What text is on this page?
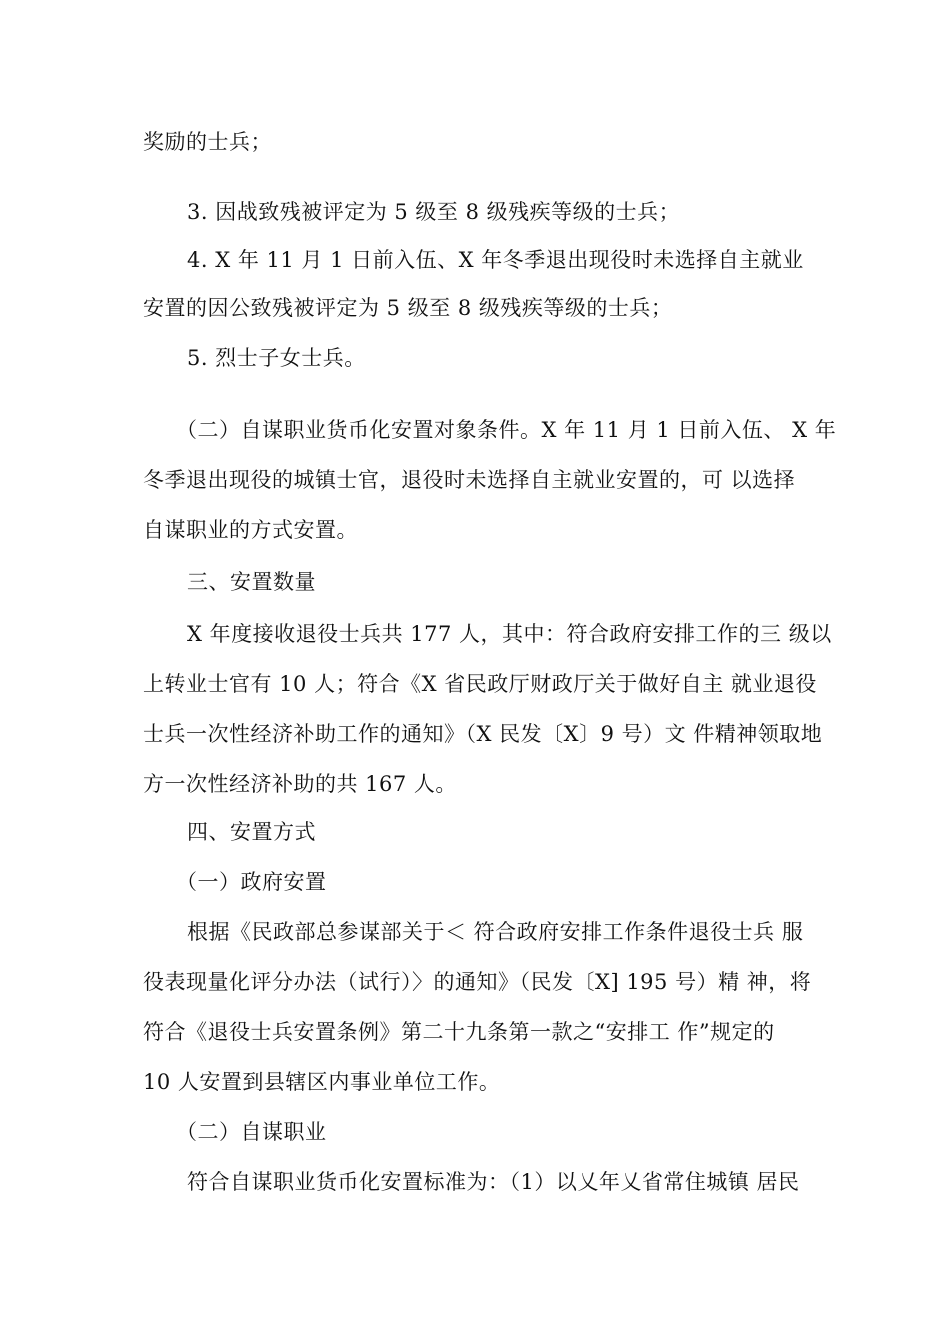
奖励的士兵；
3. 因战致残被评定为 5 级至 8 级残疾等级的士兵；
4. X 年 11 月 1 日前入伍、X 年冬季退出现役时未选择自主就业
安置的因公致残被评定为 5 级至 8 级残疾等级的士兵；
5. 烈士子女士兵。
（二）自谋职业货币化安置对象条件。X 年 11 月 1 日前入伍、 X 年
冬季退出现役的城镇士官，退役时未选择自主就业安置的，可 以选择
自谋职业的方式安置。
三、安置数量
X 年度接收退役士兵共 177 人，其中：符合政府安排工作的三 级以
上转业士官有 10 人；符合《X 省民政厅财政厅关于做好自主 就业退役
士兵一次性经济补助工作的通知》（X 民发〔X〕9 号）文 件精神领取地
方一次性经济补助的共 167 人。
四、安置方式
（一）政府安置
根据《民政部总参谋部关于＜ 符合政府安排工作条件退役士兵 服
役表现量化评分办法（试行）〉的通知》（民发〔X] 195 号）精 神，将
符合《退役士兵安置条例》第二十九条第一款之“安排工 作”规定的
10 人安置到县辖区内事业单位工作。
（二）自谋职业
符合自谋职业货币化安置标准为：（1）以乂年乂省常住城镇 居民
